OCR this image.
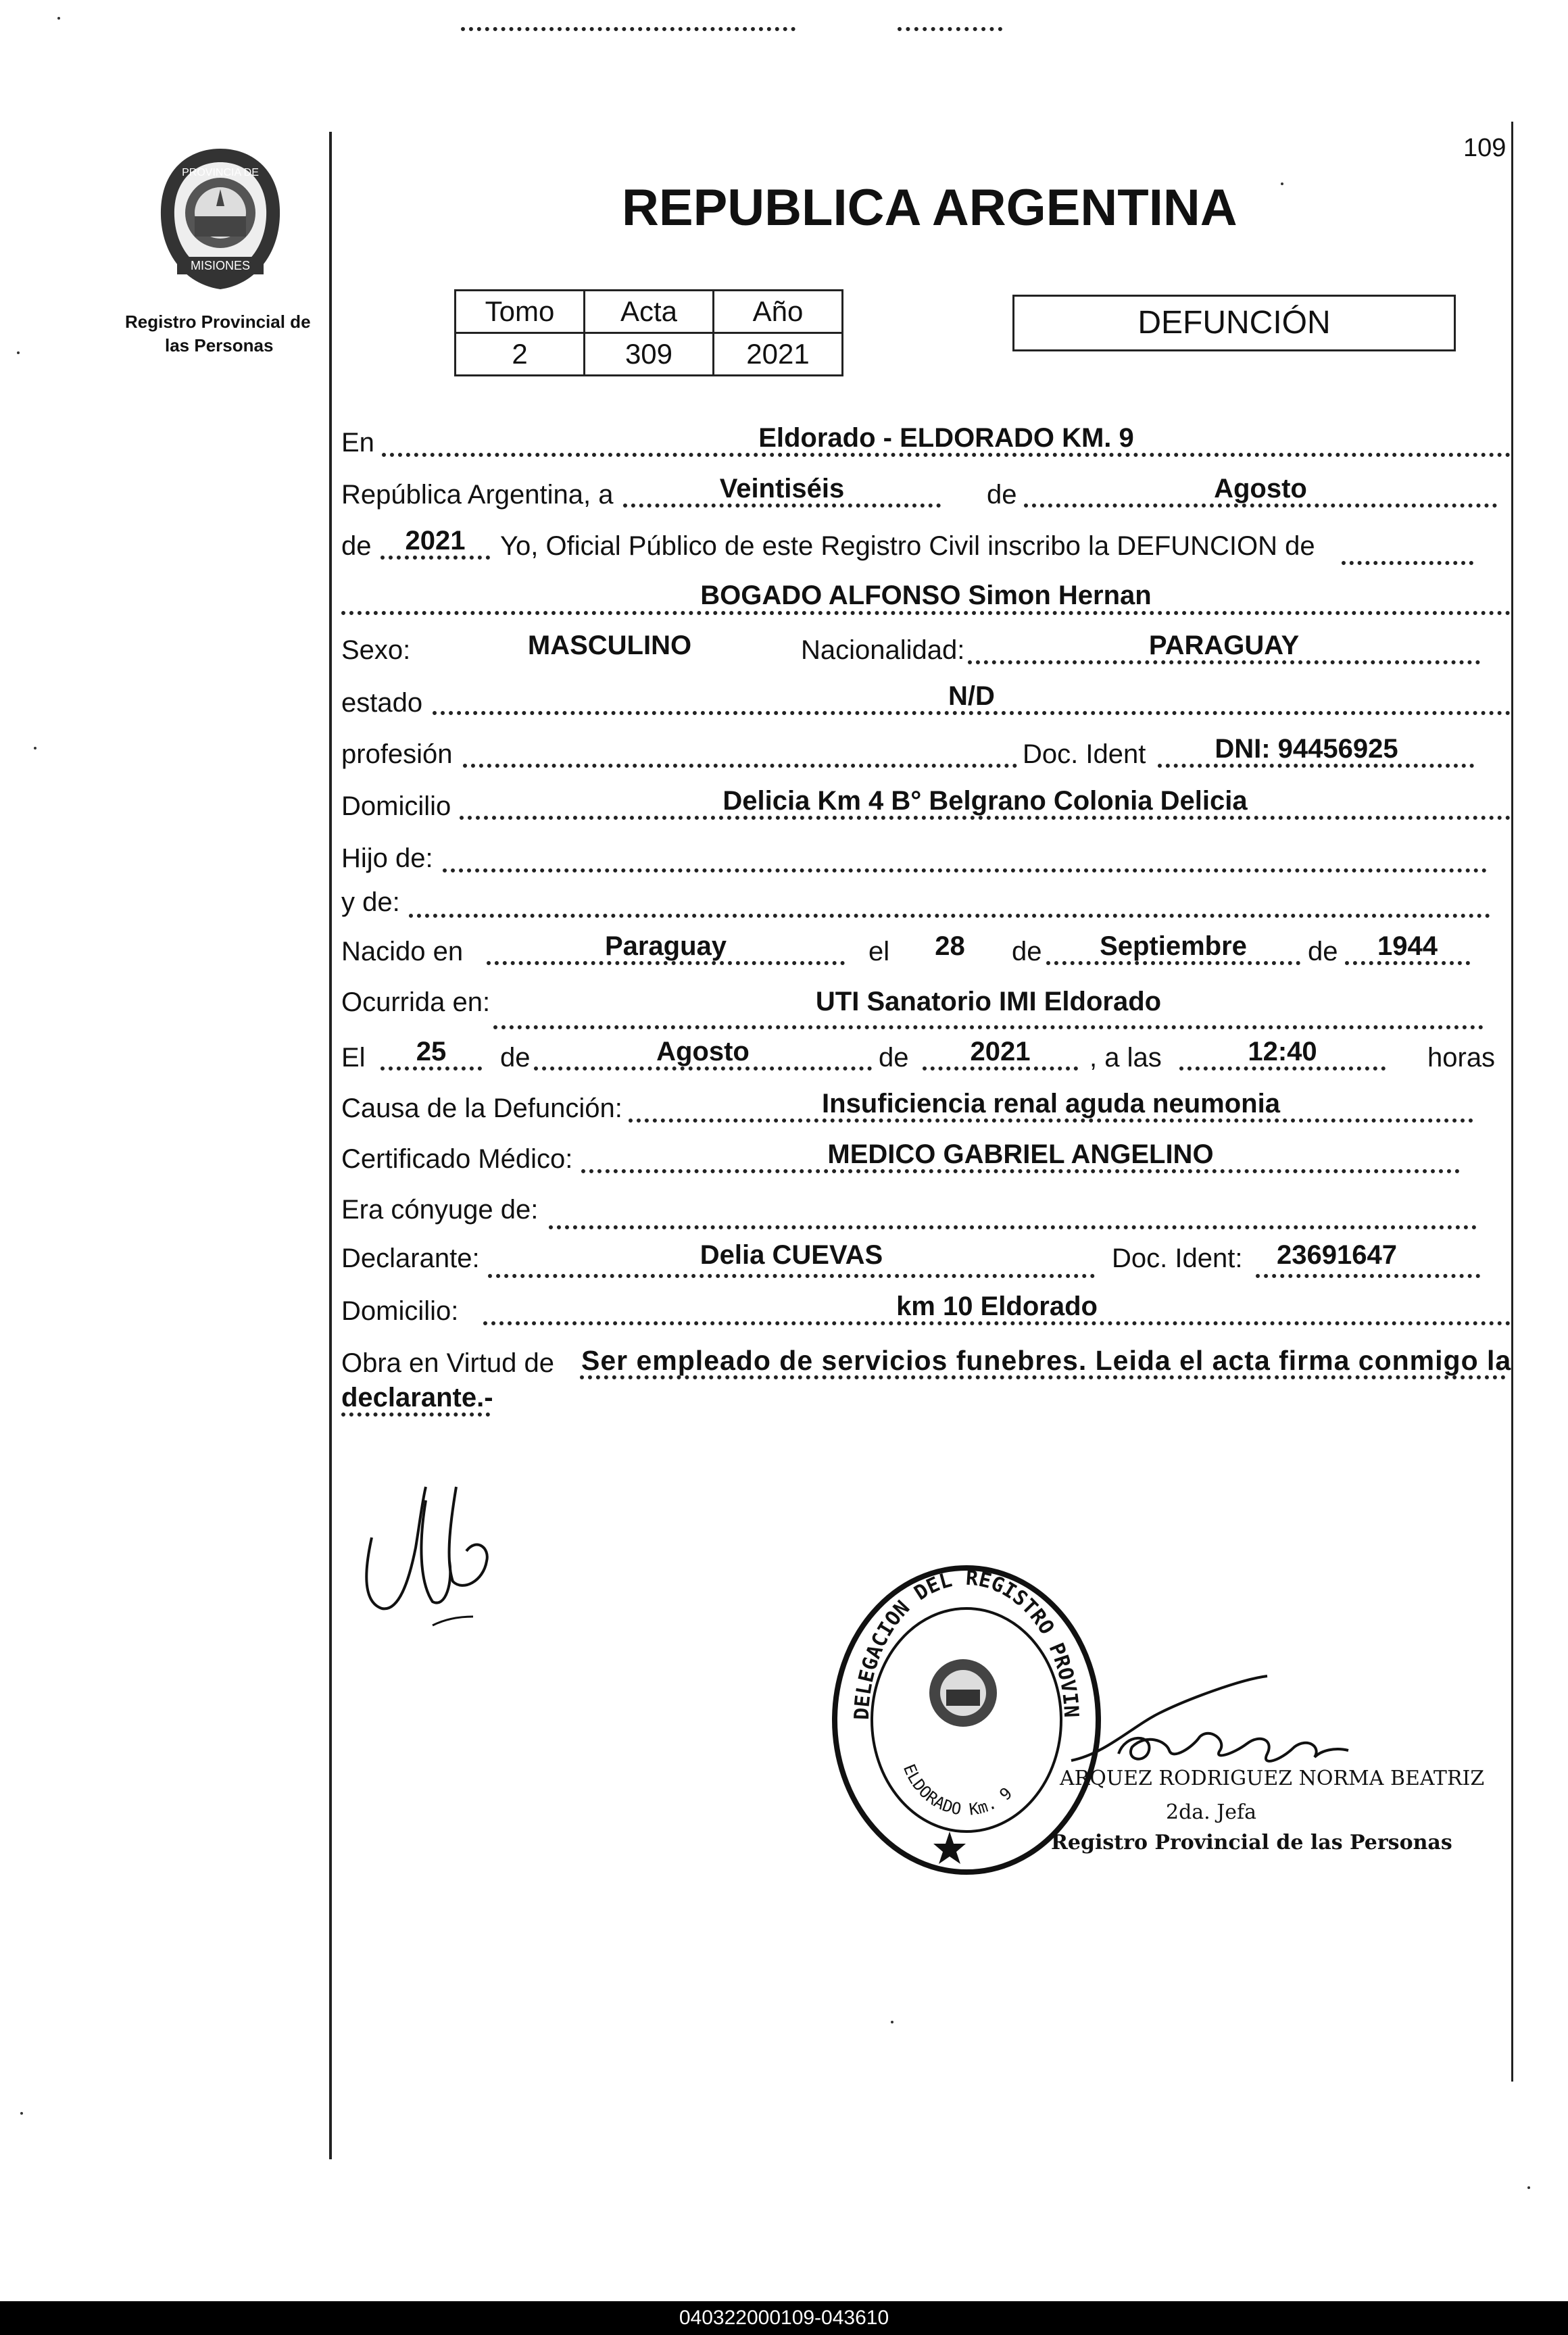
109
PROVINCIA DE
MISIONES
Registro Provincial de
las Personas
REPUBLICA ARGENTINA
Tomo	Acta	Año
2	309	2021
DEFUNCIÓN
En	Eldorado - ELDORADO KM. 9
República Argentina, a	Veintiséis	de	Agosto
de	2021	Yo, Oficial Público de este Registro Civil inscribo la DEFUNCION de
BOGADO ALFONSO Simon Hernan
Sexo:	MASCULINO	Nacionalidad:	PARAGUAY
estado	N/D
profesión	Doc. Ident	DNI: 94456925
Domicilio	Delicia Km 4 B° Belgrano Colonia Delicia
Hijo de:
y de:
Nacido en	Paraguay	el	28	de	Septiembre	de	1944
Ocurrida en:	UTI Sanatorio IMI Eldorado
El	25	de	Agosto	de	2021	, a las	12:40	horas
Causa de la Defunción:	Insuficiencia renal aguda neumonia
Certificado Médico:	MEDICO GABRIEL ANGELINO
Era cónyuge de:
Declarante:	Delia CUEVAS	Doc. Ident:	23691647
Domicilio:	km 10 Eldorado
Obra en Virtud de Ser empleado de servicios funebres. Leida el acta firma conmigo la
declarante.-
DELEGACION DEL REGISTRO PROVIN
ELDORADO Km. 9
ARQUEZ RODRIGUEZ NORMA BEATRIZ
2da. Jefa
Registro Provincial de las Personas
040322000109-043610
